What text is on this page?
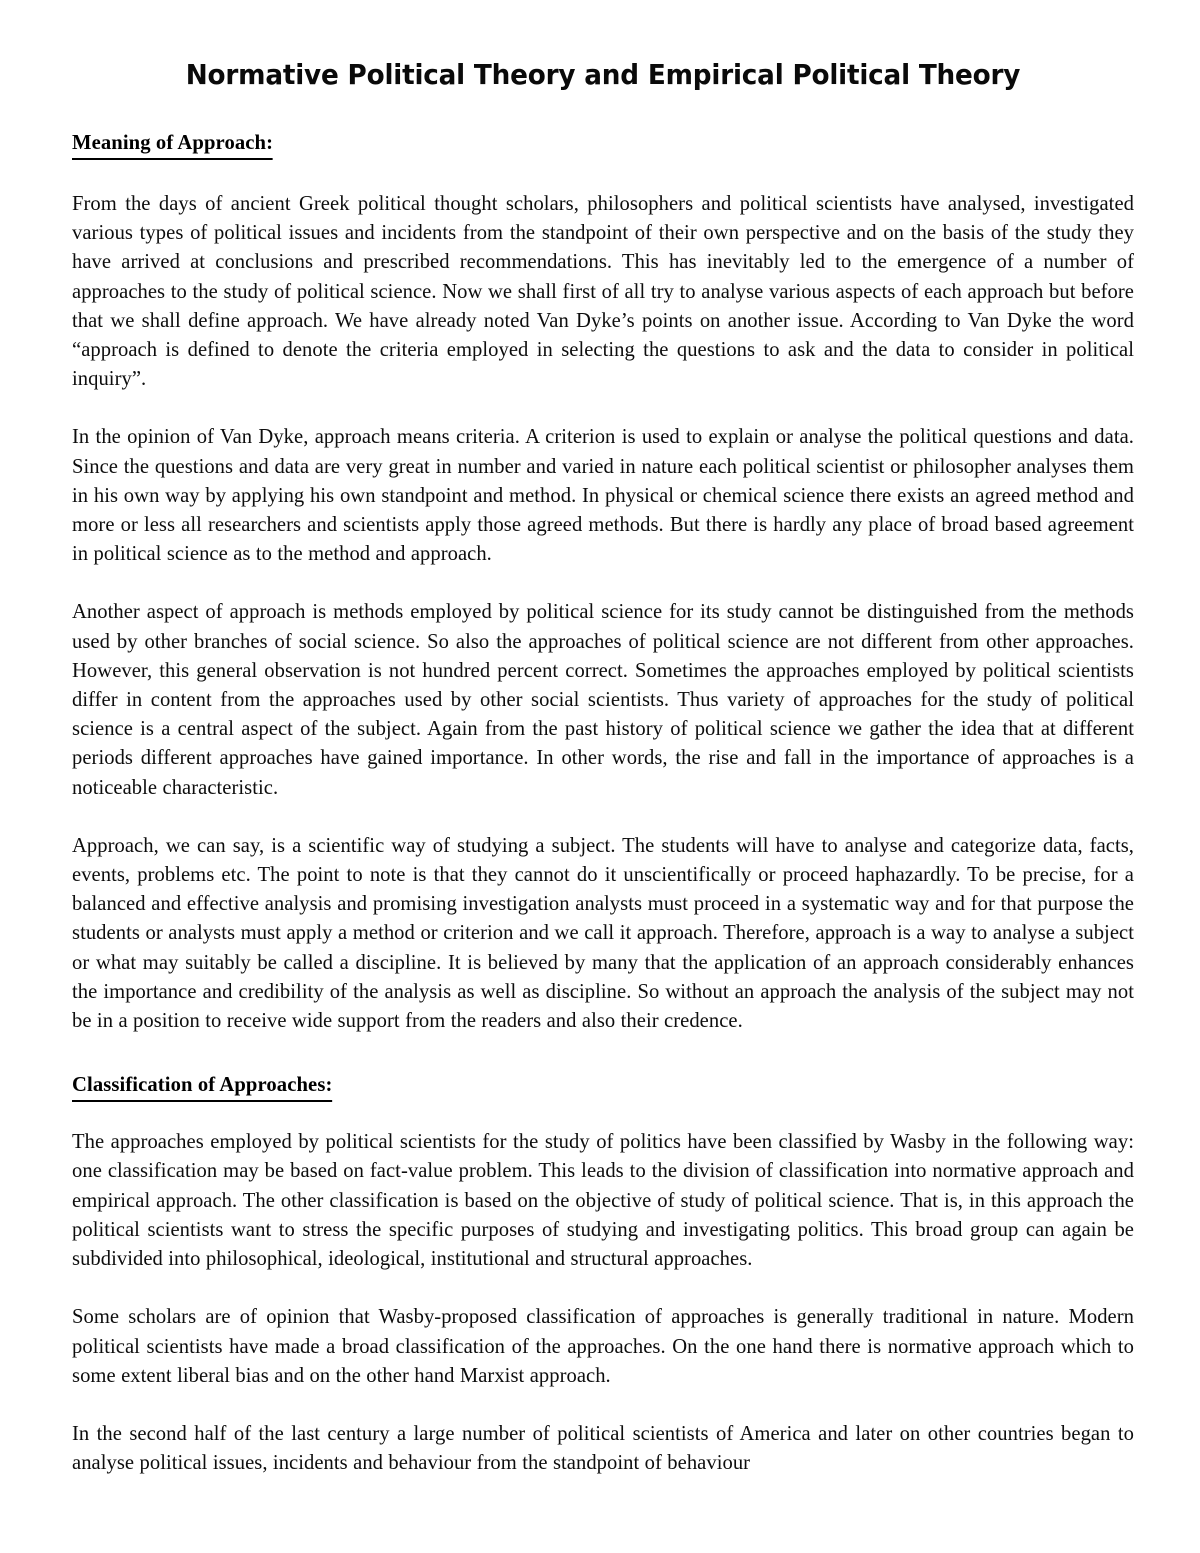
Normative Political Theory and Empirical Political Theory
Meaning of Approach:

From the days of ancient Greek political thought scholars, philosophers and political scientists have analysed, investigated various types of political issues and incidents from the standpoint of their own perspective and on the basis of the study they have arrived at conclusions and prescribed recommendations. This has inevitably led to the emergence of a number of approaches to the study of political science. Now we shall first of all try to analyse various aspects of each approach but before that we shall define approach. We have already noted Van Dyke’s points on another issue. According to Van Dyke the word “approach is defined to denote the criteria employed in selecting the questions to ask and the data to consider in political inquiry”.

In the opinion of Van Dyke, approach means criteria. A criterion is used to explain or analyse the political questions and data. Since the questions and data are very great in number and varied in nature each political scientist or philosopher analyses them in his own way by applying his own standpoint and method. In physical or chemical science there exists an agreed method and more or less all researchers and scientists apply those agreed methods. But there is hardly any place of broad based agreement in political science as to the method and approach.

Another aspect of approach is methods employed by political science for its study cannot be distinguished from the methods used by other branches of social science. So also the approaches of political science are not different from other approaches. However, this general observation is not hundred percent correct. Sometimes the approaches employed by political scientists differ in content from the approaches used by other social scientists. Thus variety of approaches for the study of political science is a central aspect of the subject. Again from the past history of political science we gather the idea that at different periods different approaches have gained importance. In other words, the rise and fall in the importance of approaches is a noticeable characteristic.

Approach, we can say, is a scientific way of studying a subject. The students will have to analyse and categorize data, facts, events, problems etc. The point to note is that they cannot do it unscientifically or proceed haphazardly. To be precise, for a balanced and effective analysis and promising investigation analysts must proceed in a systematic way and for that purpose the students or analysts must apply a method or criterion and we call it approach. Therefore, approach is a way to analyse a subject or what may suitably be called a discipline. It is believed by many that the application of an approach considerably enhances the importance and credibility of the analysis as well as discipline. So without an approach the analysis of the subject may not be in a position to receive wide support from the readers and also their credence.

Classification of Approaches:

The approaches employed by political scientists for the study of politics have been classified by Wasby in the following way: one classification may be based on fact-value problem. This leads to the division of classification into normative approach and empirical approach. The other classification is based on the objective of study of political science. That is, in this approach the political scientists want to stress the specific purposes of studying and investigating politics. This broad group can again be subdivided into philosophical, ideological, institutional and structural approaches.

Some scholars are of opinion that Wasby-proposed classification of approaches is generally traditional in nature. Modern political scientists have made a broad classification of the approaches. On the one hand there is normative approach which to some extent liberal bias and on the other hand Marxist approach.

In the second half of the last century a large number of political scientists of America and later on other countries began to analyse political issues, incidents and behaviour from the standpoint of behaviour
